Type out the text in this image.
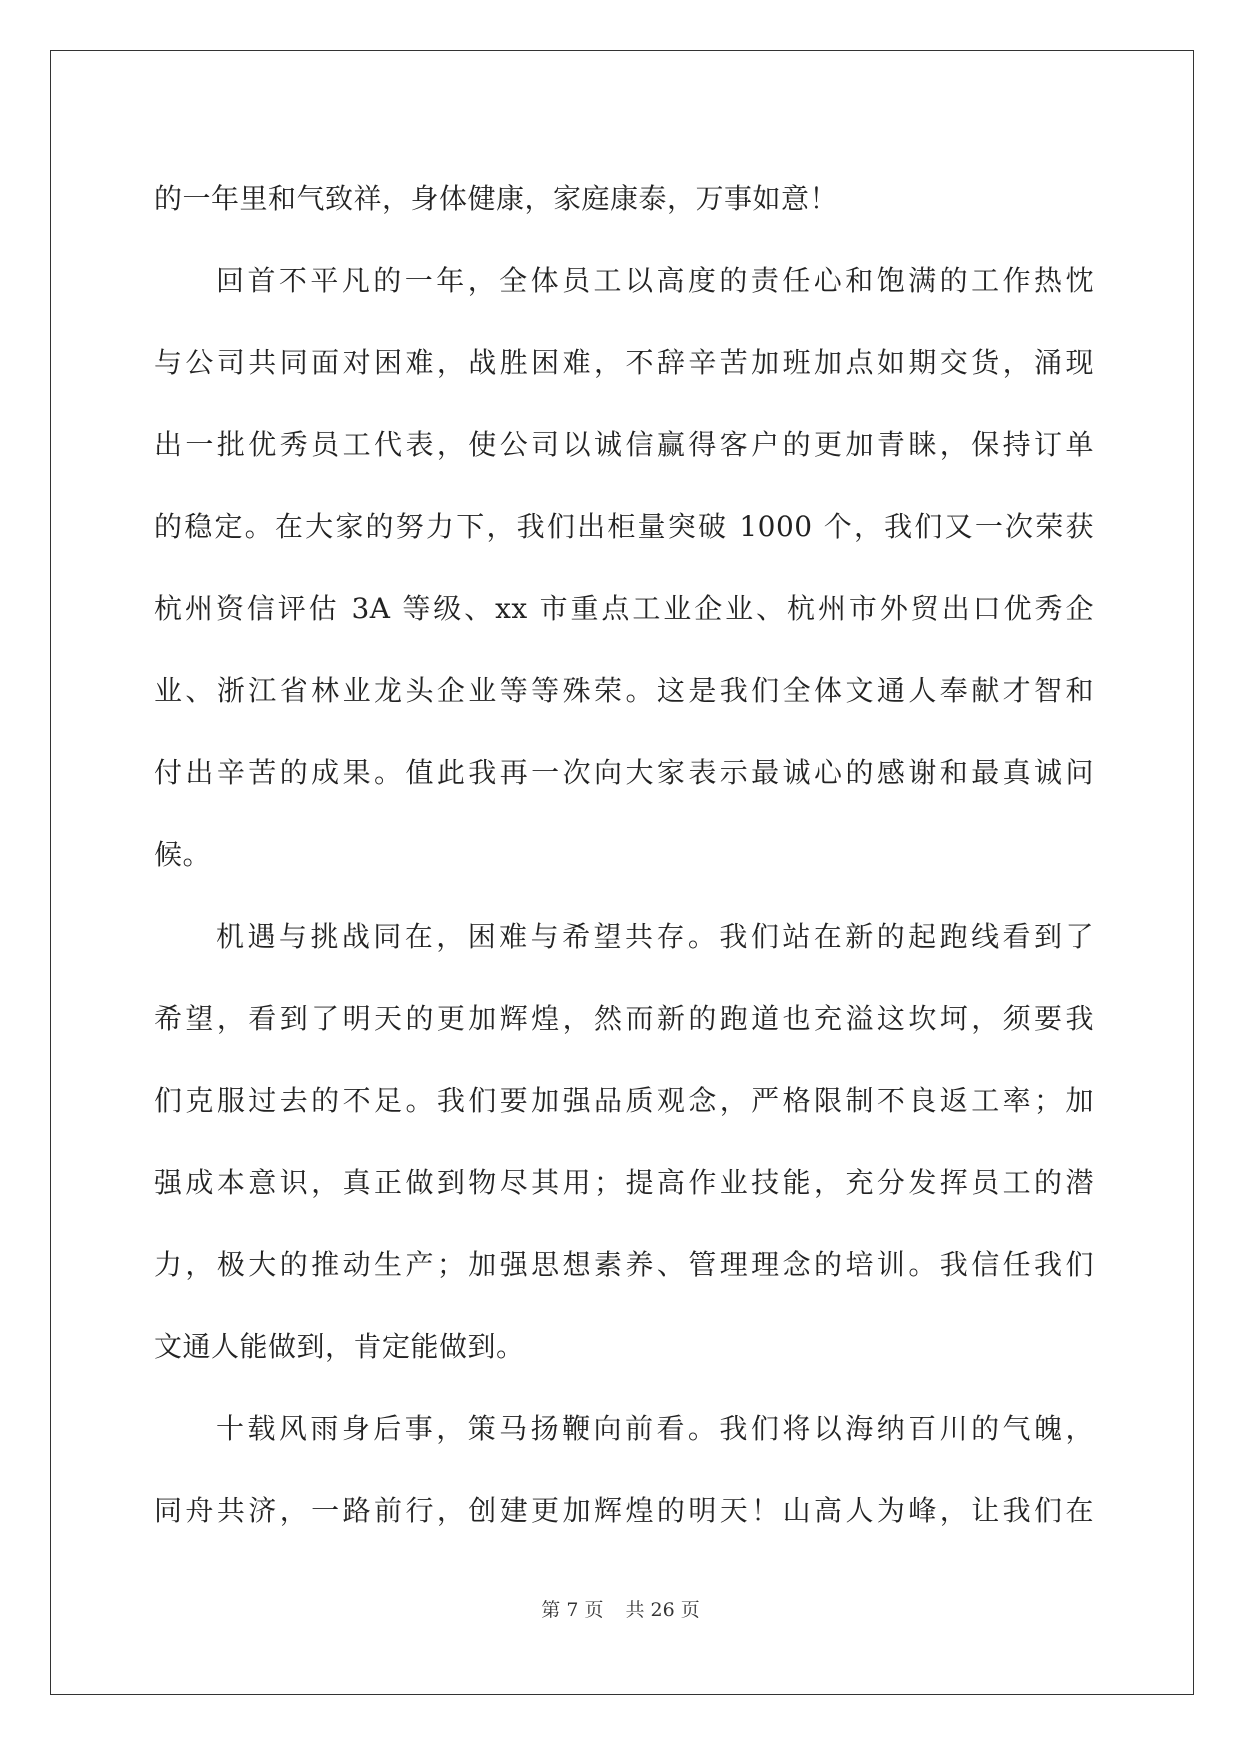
的一年里和气致祥，身体健康，家庭康泰，万事如意！
回首不平凡的一年，全体员工以高度的责任心和饱满的工作热忱
与公司共同面对困难，战胜困难，不辞辛苦加班加点如期交货，涌现
出一批优秀员工代表，使公司以诚信赢得客户的更加青睐，保持订单
的稳定。在大家的努力下，我们出柜量突破 1000 个，我们又一次荣获
杭州资信评估 3A 等级、xx 市重点工业企业、杭州市外贸出口优秀企
业、浙江省林业龙头企业等等殊荣。这是我们全体文通人奉献才智和
付出辛苦的成果。值此我再一次向大家表示最诚心的感谢和最真诚问
候。
机遇与挑战同在，困难与希望共存。我们站在新的起跑线看到了
希望，看到了明天的更加辉煌，然而新的跑道也充溢这坎坷，须要我
们克服过去的不足。我们要加强品质观念，严格限制不良返工率；加
强成本意识，真正做到物尽其用；提高作业技能，充分发挥员工的潜
力，极大的推动生产；加强思想素养、管理理念的培训。我信任我们
文通人能做到，肯定能做到。
十载风雨身后事，策马扬鞭向前看。我们将以海纳百川的气魄，
同舟共济，一路前行，创建更加辉煌的明天！山高人为峰，让我们在
第 7 页 共 26 页
